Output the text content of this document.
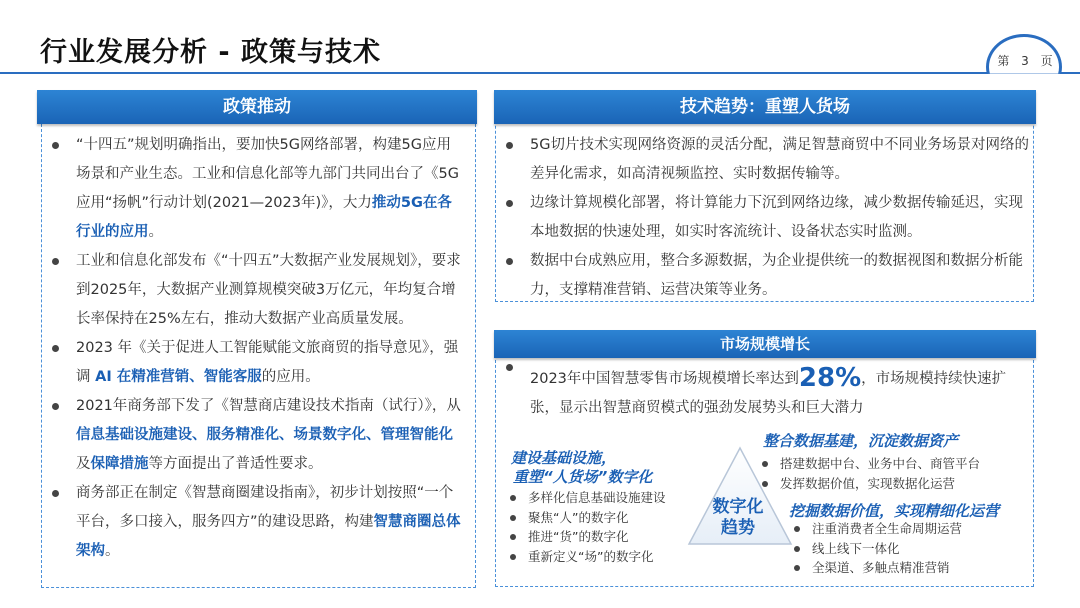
行业发展分析 - 政策与技术	第 3 页
政策推动
“十四五”规划明确指出，要加快5G网络部署，构建5G应用场景和产业生态。工业和信息化部等九部门共同出台了《5G应用“扬帆”行动计划(2021—2023年)》，大力推动5G在各行业的应用。
工业和信息化部发布《“十四五”大数据产业发展规划》，要求到2025年，大数据产业测算规模突破3万亿元，年均复合增长率保持在25%左右，推动大数据产业高质量发展。
2023 年《关于促进人工智能赋能文旅商贸的指导意见》，强调 AI 在精准营销、智能客服的应用。
2021年商务部下发了《智慧商店建设技术指南（试行）》，从信息基础设施建设、服务精准化、场景数字化、管理智能化及保障措施等方面提出了普适性要求。
商务部正在制定《智慧商圈建设指南》，初步计划按照“一个平台，多口接入，服务四方”的建设思路，构建智慧商圈总体架构。
技术趋势：重塑人货场
5G切片技术实现网络资源的灵活分配，满足智慧商贸中不同业务场景对网络的差异化需求，如高清视频监控、实时数据传输等。
边缘计算规模化部署，将计算能力下沉到网络边缘，减少数据传输延迟，实现本地数据的快速处理，如实时客流统计、设备状态实时监测。
数据中台成熟应用，整合多源数据，为企业提供统一的数据视图和数据分析能力，支撑精准营销、运营决策等业务。
市场规模增长
2023年中国智慧零售市场规模增长率达到28%，市场规模持续快速扩张，显示出智慧商贸模式的强劲发展势头和巨大潜力
数字化
趋势
建设基础设施，
重塑“人货场”数字化
多样化信息基础设施建设
聚焦“人”的数字化
推进“货”的数字化
重新定义“场”的数字化
整合数据基建，沉淀数据资产
搭建数据中台、业务中台、商管平台
发挥数据价值，实现数据化运营
挖掘数据价值，实现精细化运营
注重消费者全生命周期运营
线上线下一体化
全渠道、多触点精准营销
